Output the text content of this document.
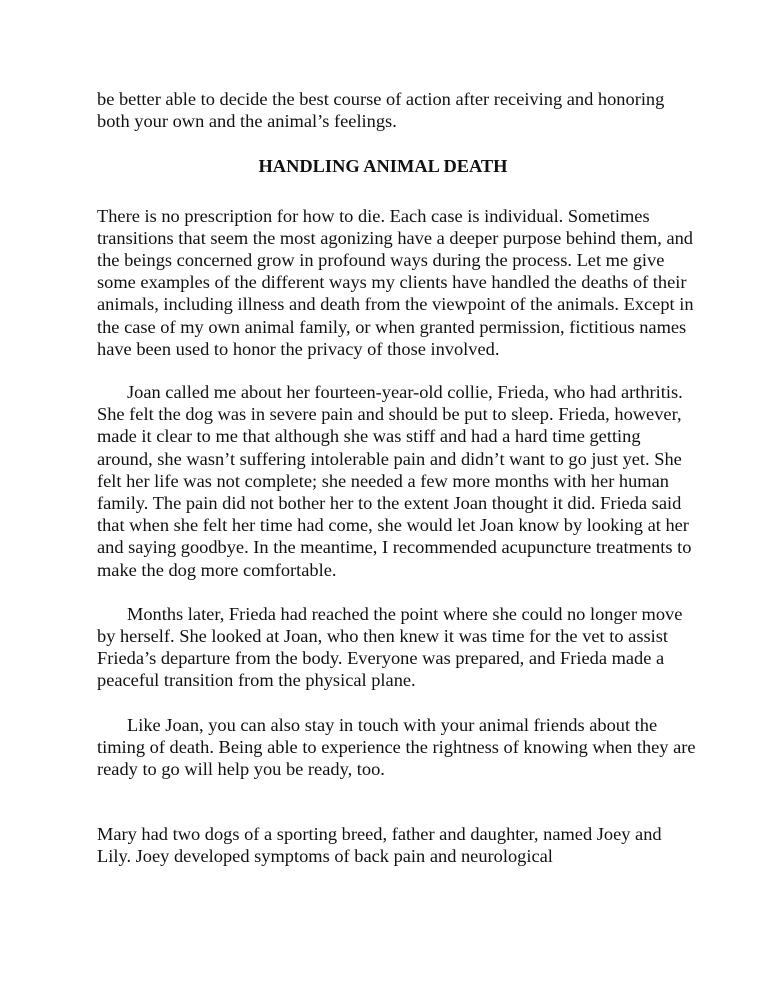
be better able to decide the best course of action after receiving and honoring both your own and the animal’s feelings.

HANDLING ANIMAL DEATH

There is no prescription for how to die. Each case is individual. Sometimes transitions that seem the most agonizing have a deeper purpose behind them, and the beings concerned grow in profound ways during the process. Let me give some examples of the different ways my clients have handled the deaths of their animals, including illness and death from the viewpoint of the animals. Except in the case of my own animal family, or when granted permission, fictitious names have been used to honor the privacy of those involved.

Joan called me about her fourteen-year-old collie, Frieda, who had arthritis. She felt the dog was in severe pain and should be put to sleep. Frieda, however, made it clear to me that although she was stiff and had a hard time getting around, she wasn’t suffering intolerable pain and didn’t want to go just yet. She felt her life was not complete; she needed a few more months with her human family. The pain did not bother her to the extent Joan thought it did. Frieda said that when she felt her time had come, she would let Joan know by looking at her and saying goodbye. In the meantime, I recommended acupuncture treatments to make the dog more comfortable.

Months later, Frieda had reached the point where she could no longer move by herself. She looked at Joan, who then knew it was time for the vet to assist Frieda’s departure from the body. Everyone was prepared, and Frieda made a peaceful transition from the physical plane.

Like Joan, you can also stay in touch with your animal friends about the timing of death. Being able to experience the rightness of knowing when they are ready to go will help you be ready, too.

Mary had two dogs of a sporting breed, father and daughter, named Joey and Lily. Joey developed symptoms of back pain and neurological
